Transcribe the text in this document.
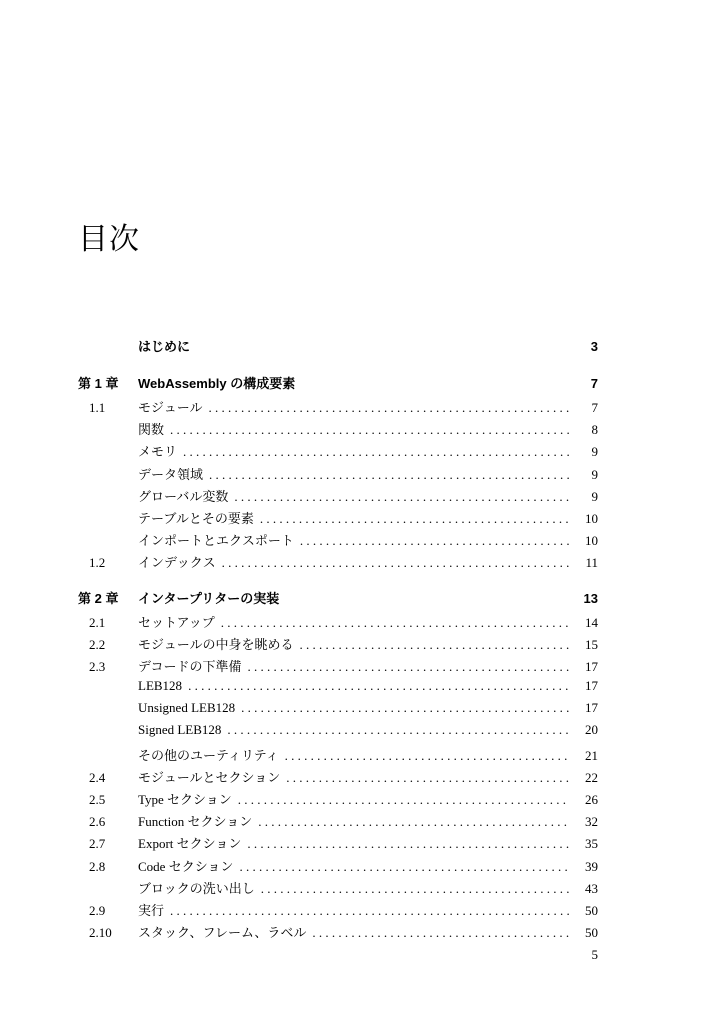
目次
はじめに	3
第 1 章	WebAssembly の構成要素	7
1.1	モジュール . . .	7
関数 . . .	8
メモリ . . .	9
データ領域 . . .	9
グローバル変数 . . .	9
テーブルとその要素 . . .	10
インポートとエクスポート . . .	10
1.2	インデックス . . .	11
第 2 章	インタープリターの実装	13
2.1	セットアップ . . .	14
2.2	モジュールの中身を眺める . . .	15
2.3	デコードの下準備 . . .	17
LEB128 . . .	17
Unsigned LEB128 . . .	17
Signed LEB128 . . .	20
その他のユーティリティ . . .	21
2.4	モジュールとセクション . . .	22
2.5	Type セクション . . .	26
2.6	Function セクション . . .	32
2.7	Export セクション . . .	35
2.8	Code セクション . . .	39
ブロックの洗い出し . . .	43
2.9	実行 . . .	50
2.10	スタック、フレーム、ラベル . . .	50
5
